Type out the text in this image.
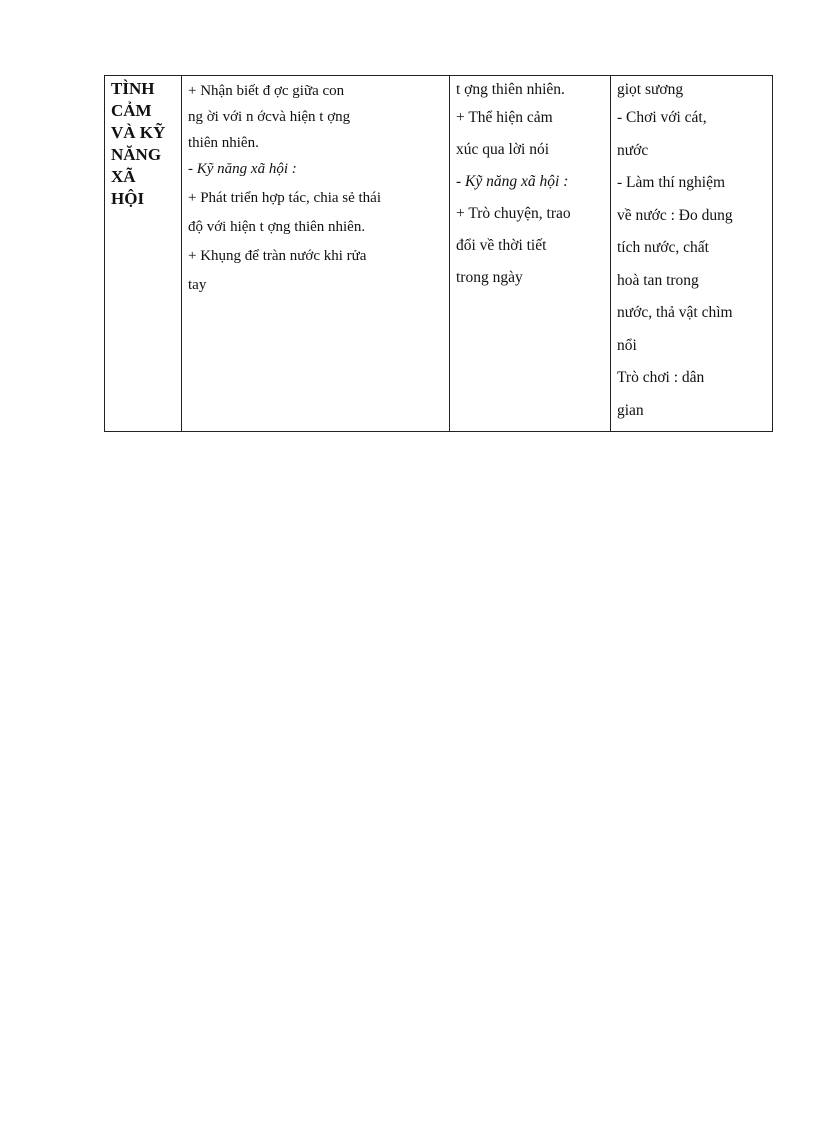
TÌNH
CẢM
VÀ KỸ
NĂNG
XÃ
HỘI

+ Nhận biết đ ợc giữa con
ng ời với n ớcvà hiện t ợng
thiên nhiên.
- Kỹ năng xã hội :
+ Phát triển hợp tác, chia sẻ thái
độ với hiện t ợng thiên nhiên.
+ Khụng để tràn nước khi rửa
tay

t ợng thiên nhiên.
+ Thể hiện cảm
xúc qua lời nói
- Kỹ năng xã hội :
+ Trò chuyện, trao
đổi về thời tiết
trong ngày

giọt sương
- Chơi với cát,
nước
- Làm thí nghiệm
về nước : Đo dung
tích nước, chất
hoà tan trong
nước, thả vật chìm
nổi
Trò chơi : dân
gian
